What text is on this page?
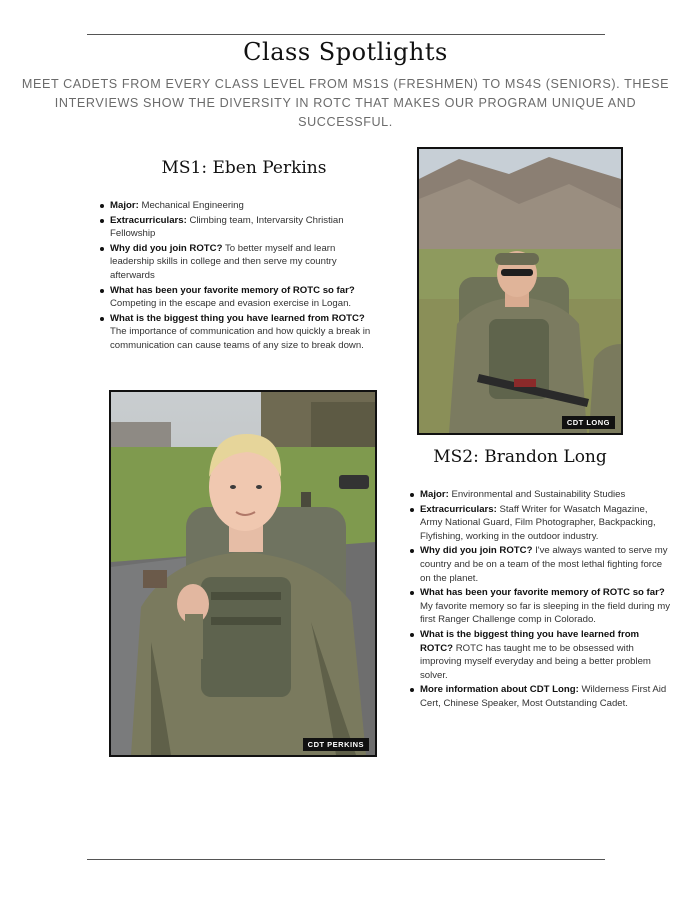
Class Spotlights
MEET CADETS FROM EVERY CLASS LEVEL FROM MS1S (FRESHMEN) TO MS4S (SENIORS). THESE INTERVIEWS SHOW THE DIVERSITY IN ROTC THAT MAKES OUR PROGRAM UNIQUE AND SUCCESSFUL.
MS1: Eben Perkins
Major: Mechanical Engineering
Extracurriculars: Climbing team, Intervarsity Christian Fellowship
Why did you join ROTC? To better myself and learn leadership skills in college and then serve my country afterwards
What has been your favorite memory of ROTC so far? Competing in the escape and evasion exercise in Logan.
What is the biggest thing you have learned from ROTC? The importance of communication and how quickly a break in communication can cause teams of any size to break down.
CDT PERKINS
CDT LONG
MS2: Brandon Long
Major: Environmental and Sustainability Studies
Extracurriculars: Staff Writer for Wasatch Magazine, Army National Guard, Film Photographer, Backpacking, Flyfishing, working in the outdoor industry.
Why did you join ROTC? I've always wanted to serve my country and be on a team of the most lethal fighting force on the planet.
What has been your favorite memory of ROTC so far? My favorite memory so far is sleeping in the field during my first Ranger Challenge comp in Colorado.
What is the biggest thing you have learned from ROTC? ROTC has taught me to be obsessed with improving myself everyday and being a better problem solver.
More information about CDT Long: Wilderness First Aid Cert, Chinese Speaker, Most Outstanding Cadet.
